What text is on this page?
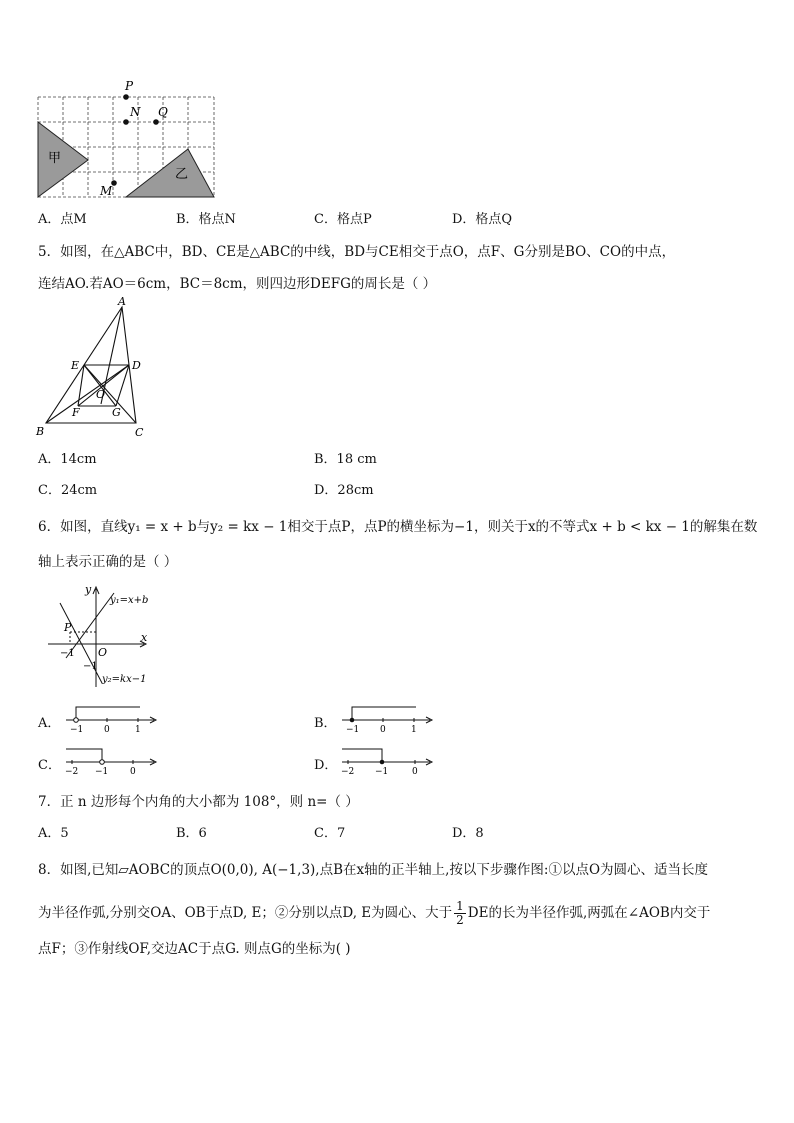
P
N Q
M
甲
乙
A．点M	B．格点N	C．格点P	D．格点Q
5．如图，在△ABC中，BD、CE是△ABC的中线，BD与CE相交于点O，点F、G分别是BO、CO的中点，
连结AO.若AO＝6cm，BC＝8cm，则四边形DEFG的周长是（ ）
A
B	C
D
E
F	G
O
A．14cm	B．18 cm
C．24cm	D．28cm
6．如图，直线y₁ = x + b与y₂ = kx − 1相交于点P，点P的横坐标为−1，则关于x的不等式x + b < kx − 1的解集在数
轴上表示正确的是（ ）
y
x
O
P
−1
−1
y₁=x+b
y₂=kx−1
A． −1 0	1	B． −1 0	1
C． −2 −1 0	D． −2 −1	0
7．正 n 边形每个内角的大小都为 108°，则 n=（ ）
A．5	B．6	C．7	D．8
8．如图,已知▱AOBC的顶点O(0,0), A(−1,3),点B在x轴的正半轴上,按以下步骤作图:①以点O为圆心、适当长度
为半径作弧,分别交OA、OB于点D, E；②分别以点D, E为圆心、大于 $\frac{1}{2}$ DE的长为半径作弧,两弧在∠AOB内交于
点F；③作射线OF,交边AC于点G. 则点G的坐标为( )
